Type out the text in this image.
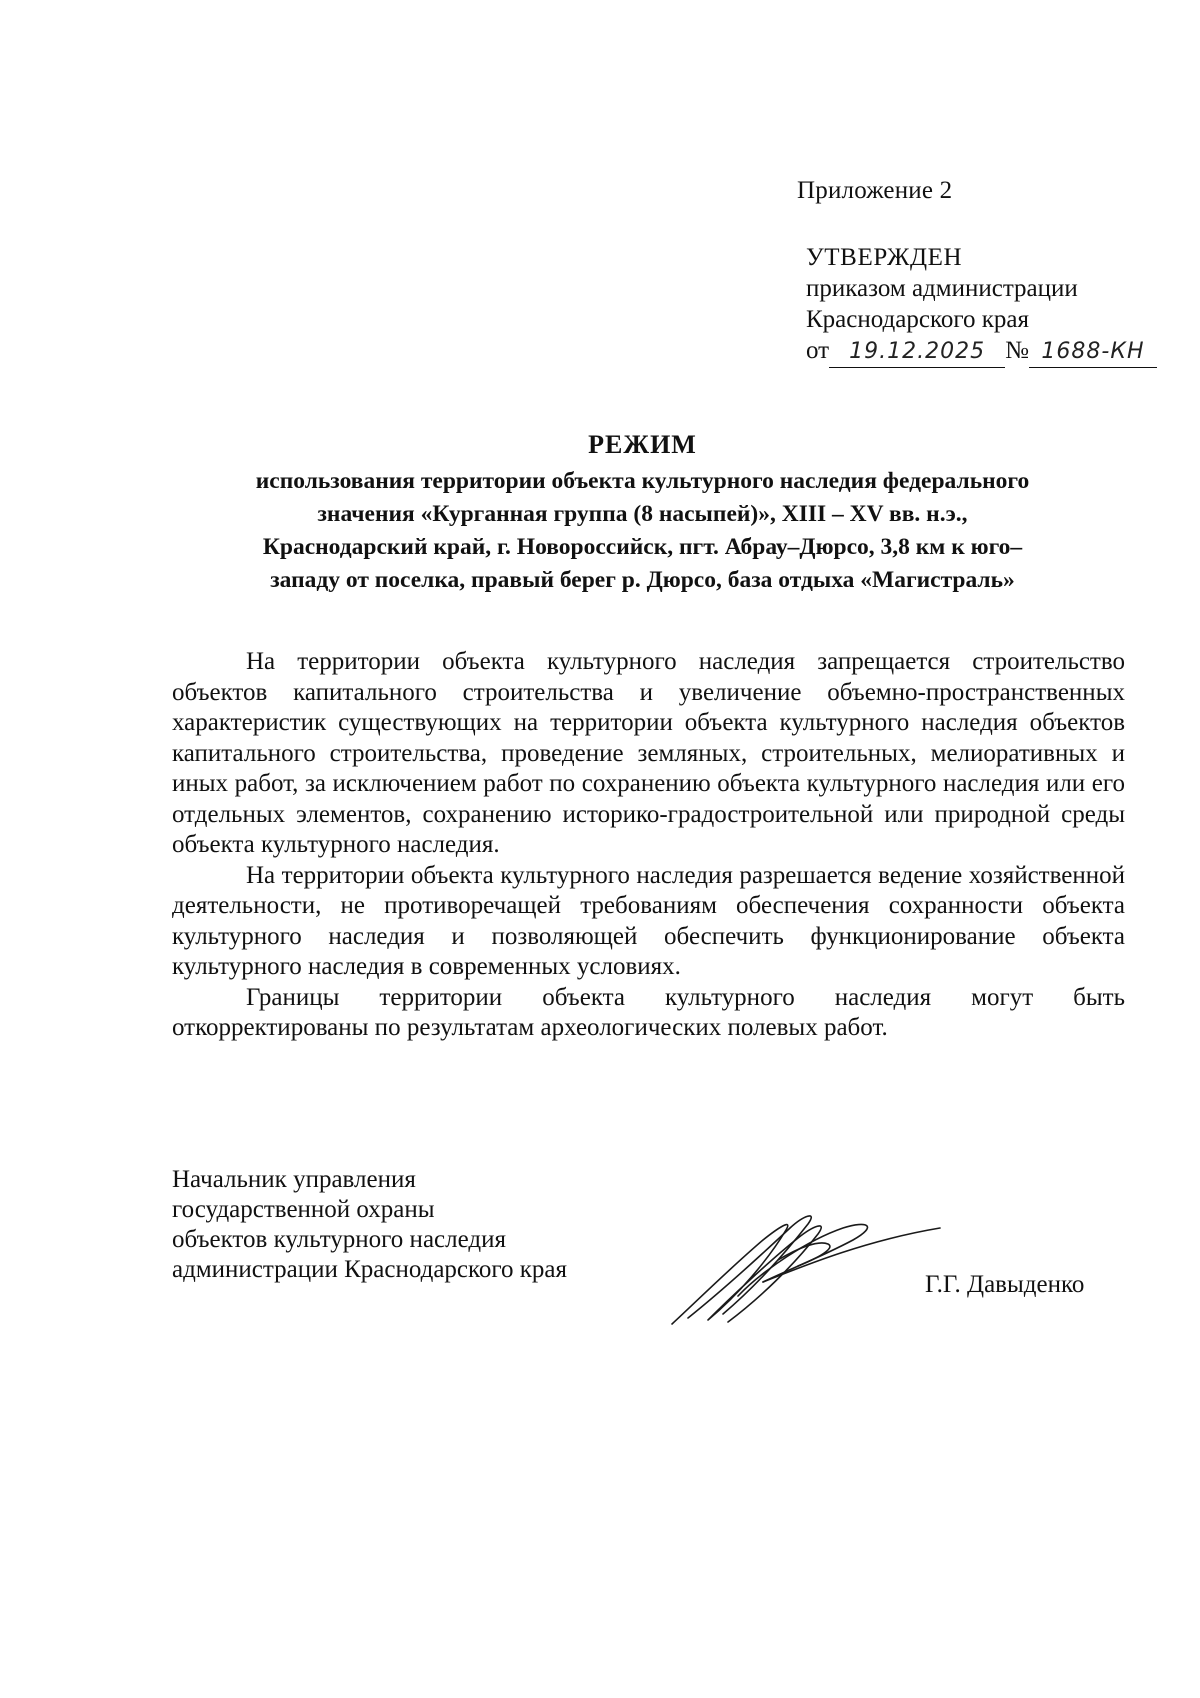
Приложение 2
УТВЕРЖДЕН
приказом администрации
Краснодарского края
от 19.12.2025 № 1688-КН
РЕЖИМ
использования территории объекта культурного наследия федерального
значения «Курганная группа (8 насыпей)», XIII – XV вв. н.э.,
Краснодарский край, г. Новороссийск, пгт. Абрау–Дюрсо, 3,8 км к юго–
западу от поселка, правый берег р. Дюрсо, база отдыха «Магистраль»

На территории объекта культурного наследия запрещается строительство объектов капитального строительства и увеличение объемно-пространственных характеристик существующих на территории объекта культурного наследия объектов капитального строительства, проведение земляных, строительных, мелиоративных и иных работ, за исключением работ по сохранению объекта культурного наследия или его отдельных элементов, сохранению историко-градостроительной или природной среды объекта культурного наследия.

На территории объекта культурного наследия разрешается ведение хозяйственной деятельности, не противоречащей требованиям обеспечения сохранности объекта культурного наследия и позволяющей обеспечить функционирование объекта культурного наследия в современных условиях.

Границы территории объекта культурного наследия могут быть откорректированы по результатам археологических полевых работ.

Начальник управления
государственной охраны
объектов культурного наследия
администрации Краснодарского края
Г.Г. Давыденко
